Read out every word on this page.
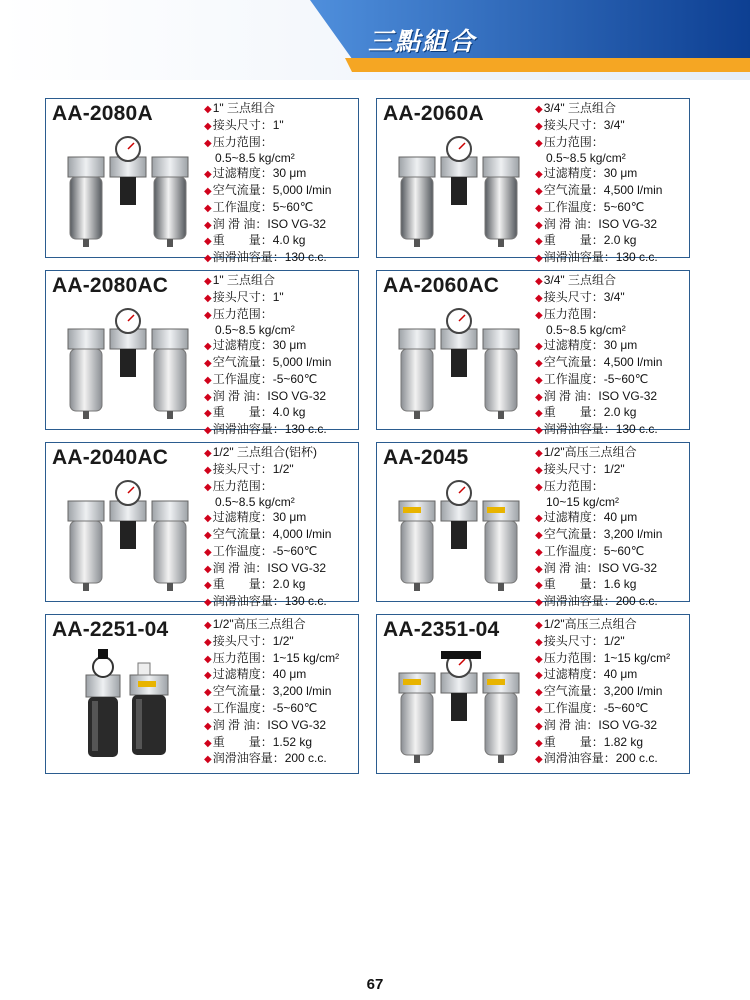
三點組合
AA-2080A	◆1" 三点组合
◆接头尺寸：1"
◆压力范围：
0.5~8.5 kg/cm²
◆过滤精度：30 μm
◆空气流量：5,000 l/min
◆工作温度：5~60℃
◆润 滑 油：ISO VG-32
◆重　　量：4.0 kg
◆润滑油容量：130 c.c.
AA-2060A	◆3/4" 三点组合
◆接头尺寸：3/4"
◆压力范围：
0.5~8.5 kg/cm²
◆过滤精度：30 μm
◆空气流量：4,500 l/min
◆工作温度：5~60℃
◆润 滑 油：ISO VG-32
◆重　　量：2.0 kg
◆润滑油容量：130 c.c.
AA-2080AC	◆1" 三点组合
◆接头尺寸：1"
◆压力范围：
0.5~8.5 kg/cm²
◆过滤精度：30 μm
◆空气流量：5,000 l/min
◆工作温度：-5~60℃
◆润 滑 油：ISO VG-32
◆重　　量：4.0 kg
◆润滑油容量：130 c.c.
AA-2060AC	◆3/4" 三点组合
◆接头尺寸：3/4"
◆压力范围：
0.5~8.5 kg/cm²
◆过滤精度：30 μm
◆空气流量：4,500 l/min
◆工作温度：-5~60℃
◆润 滑 油：ISO VG-32
◆重　　量：2.0 kg
◆润滑油容量：130 c.c.
AA-2040AC	◆1/2" 三点组合(铝杯)
◆接头尺寸：1/2"
◆压力范围：
0.5~8.5 kg/cm²
◆过滤精度：30 μm
◆空气流量：4,000 l/min
◆工作温度：-5~60℃
◆润 滑 油：ISO VG-32
◆重　　量：2.0 kg
◆润滑油容量：130 c.c.
AA-2045	◆1/2"高压三点组合
◆接头尺寸：1/2"
◆压力范围：
10~15 kg/cm²
◆过滤精度：40 μm
◆空气流量：3,200 l/min
◆工作温度：5~60℃
◆润 滑 油：ISO VG-32
◆重　　量：1.6 kg
◆润滑油容量：200 c.c.
AA-2251-04	◆1/2"高压三点组合
◆接头尺寸：1/2"
◆压力范围：1~15 kg/cm²
◆过滤精度：40 μm
◆空气流量：3,200 l/min
◆工作温度：-5~60℃
◆润 滑 油：ISO VG-32
◆重　　量：1.52 kg
◆润滑油容量：200 c.c.
AA-2351-04	◆1/2"高压三点组合
◆接头尺寸：1/2"
◆压力范围：1~15 kg/cm²
◆过滤精度：40 μm
◆空气流量：3,200 l/min
◆工作温度：-5~60℃
◆润 滑 油：ISO VG-32
◆重　　量：1.82 kg
◆润滑油容量：200 c.c.
67
